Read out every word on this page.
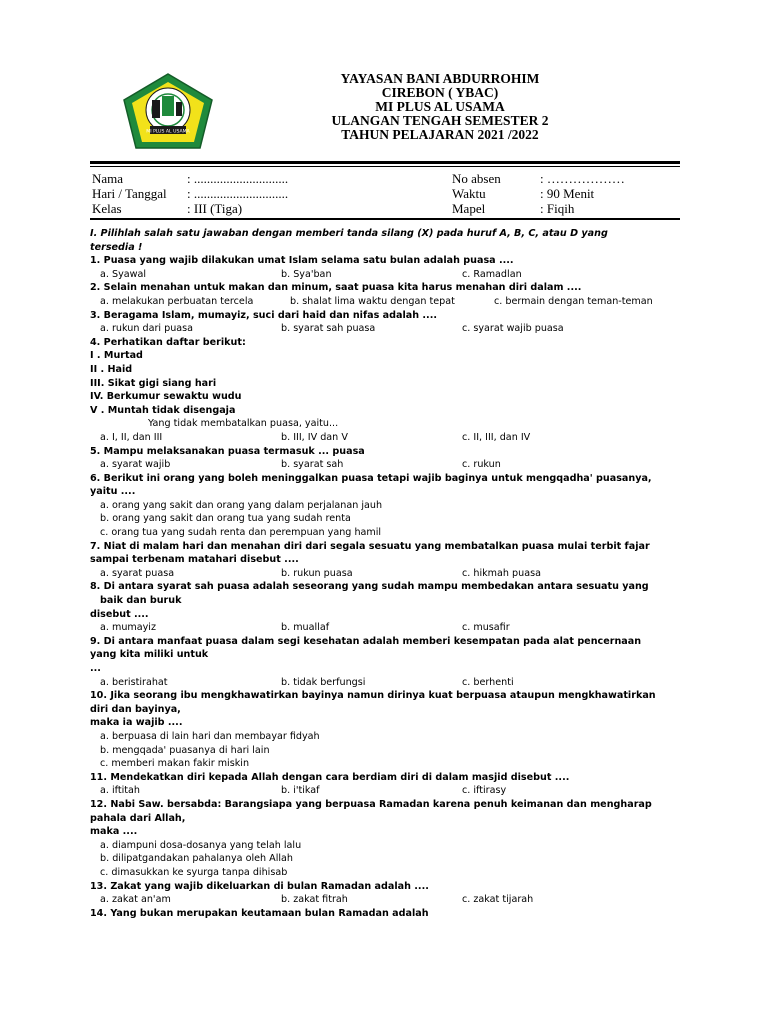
MI PLUS AL USAMA
YAYASAN BANI ABDURROHIM
CIREBON ( YBAC)
MI PLUS AL USAMA
ULANGAN TENGAH SEMESTER 2
TAHUN PELAJARAN 2021 /2022
Nama	: .............................
Hari / Tanggal : .............................
Kelas	: III (Tiga)
No absen	: ………………
Waktu	: 90 Menit
Mapel	: Fiqih
I. Pilihlah salah satu jawaban dengan memberi tanda silang (X) pada huruf A, B, C, atau D yang
tersedia !
1. Puasa yang wajib dilakukan umat Islam selama satu bulan adalah puasa ....
a. Syawal	b. Sya'ban	c. Ramadlan
2. Selain menahan untuk makan dan minum, saat puasa kita harus menahan diri dalam ....
a. melakukan perbuatan tercela	b. shalat lima waktu dengan tepat	c. bermain dengan teman-teman
3. Beragama Islam, mumayiz, suci dari haid dan nifas adalah ....
a. rukun dari puasa	b. syarat sah puasa	c. syarat wajib puasa
4. Perhatikan daftar berikut:
I . Murtad
II . Haid
III. Sikat gigi siang hari
IV. Berkumur sewaktu wudu
V . Muntah tidak disengaja
Yang tidak membatalkan puasa, yaitu...
a. I, II, dan III	b. III, IV dan V	c. II, III, dan IV
5. Mampu melaksanakan puasa termasuk ... puasa
a. syarat wajib	b. syarat sah	c. rukun
6. Berikut ini orang yang boleh meninggalkan puasa tetapi wajib baginya untuk mengqadha' puasanya,
yaitu ....
a. orang yang sakit dan orang yang dalam perjalanan jauh
b. orang yang sakit dan orang tua yang sudah renta
c. orang tua yang sudah renta dan perempuan yang hamil
7. Niat di malam hari dan menahan diri dari segala sesuatu yang membatalkan puasa mulai terbit fajar
sampai terbenam matahari disebut ....
a. syarat puasa	b. rukun puasa	c. hikmah puasa
8. Di antara syarat sah puasa adalah seseorang yang sudah mampu membedakan antara sesuatu yang
baik dan buruk
disebut ....
a. mumayiz	b. muallaf	c. musafir
9. Di antara manfaat puasa dalam segi kesehatan adalah memberi kesempatan pada alat pencernaan
yang kita miliki untuk
...
a. beristirahat	b. tidak berfungsi	c. berhenti
10. Jika seorang ibu mengkhawatirkan bayinya namun dirinya kuat berpuasa ataupun mengkhawatirkan
diri dan bayinya,
maka ia wajib ....
a. berpuasa di lain hari dan membayar fidyah
b. mengqada' puasanya di hari lain
c. memberi makan fakir miskin
11. Mendekatkan diri kepada Allah dengan cara berdiam diri di dalam masjid disebut ....
a. iftitah	b. i'tikaf	c. iftirasy
12. Nabi Saw. bersabda: Barangsiapa yang berpuasa Ramadan karena penuh keimanan dan mengharap
pahala dari Allah,
maka ....
a. diampuni dosa-dosanya yang telah lalu
b. dilipatgandakan pahalanya oleh Allah
c. dimasukkan ke syurga tanpa dihisab
13. Zakat yang wajib dikeluarkan di bulan Ramadan adalah ....
a. zakat an'am	b. zakat fitrah	c. zakat tijarah
14. Yang bukan merupakan keutamaan bulan Ramadan adalah
